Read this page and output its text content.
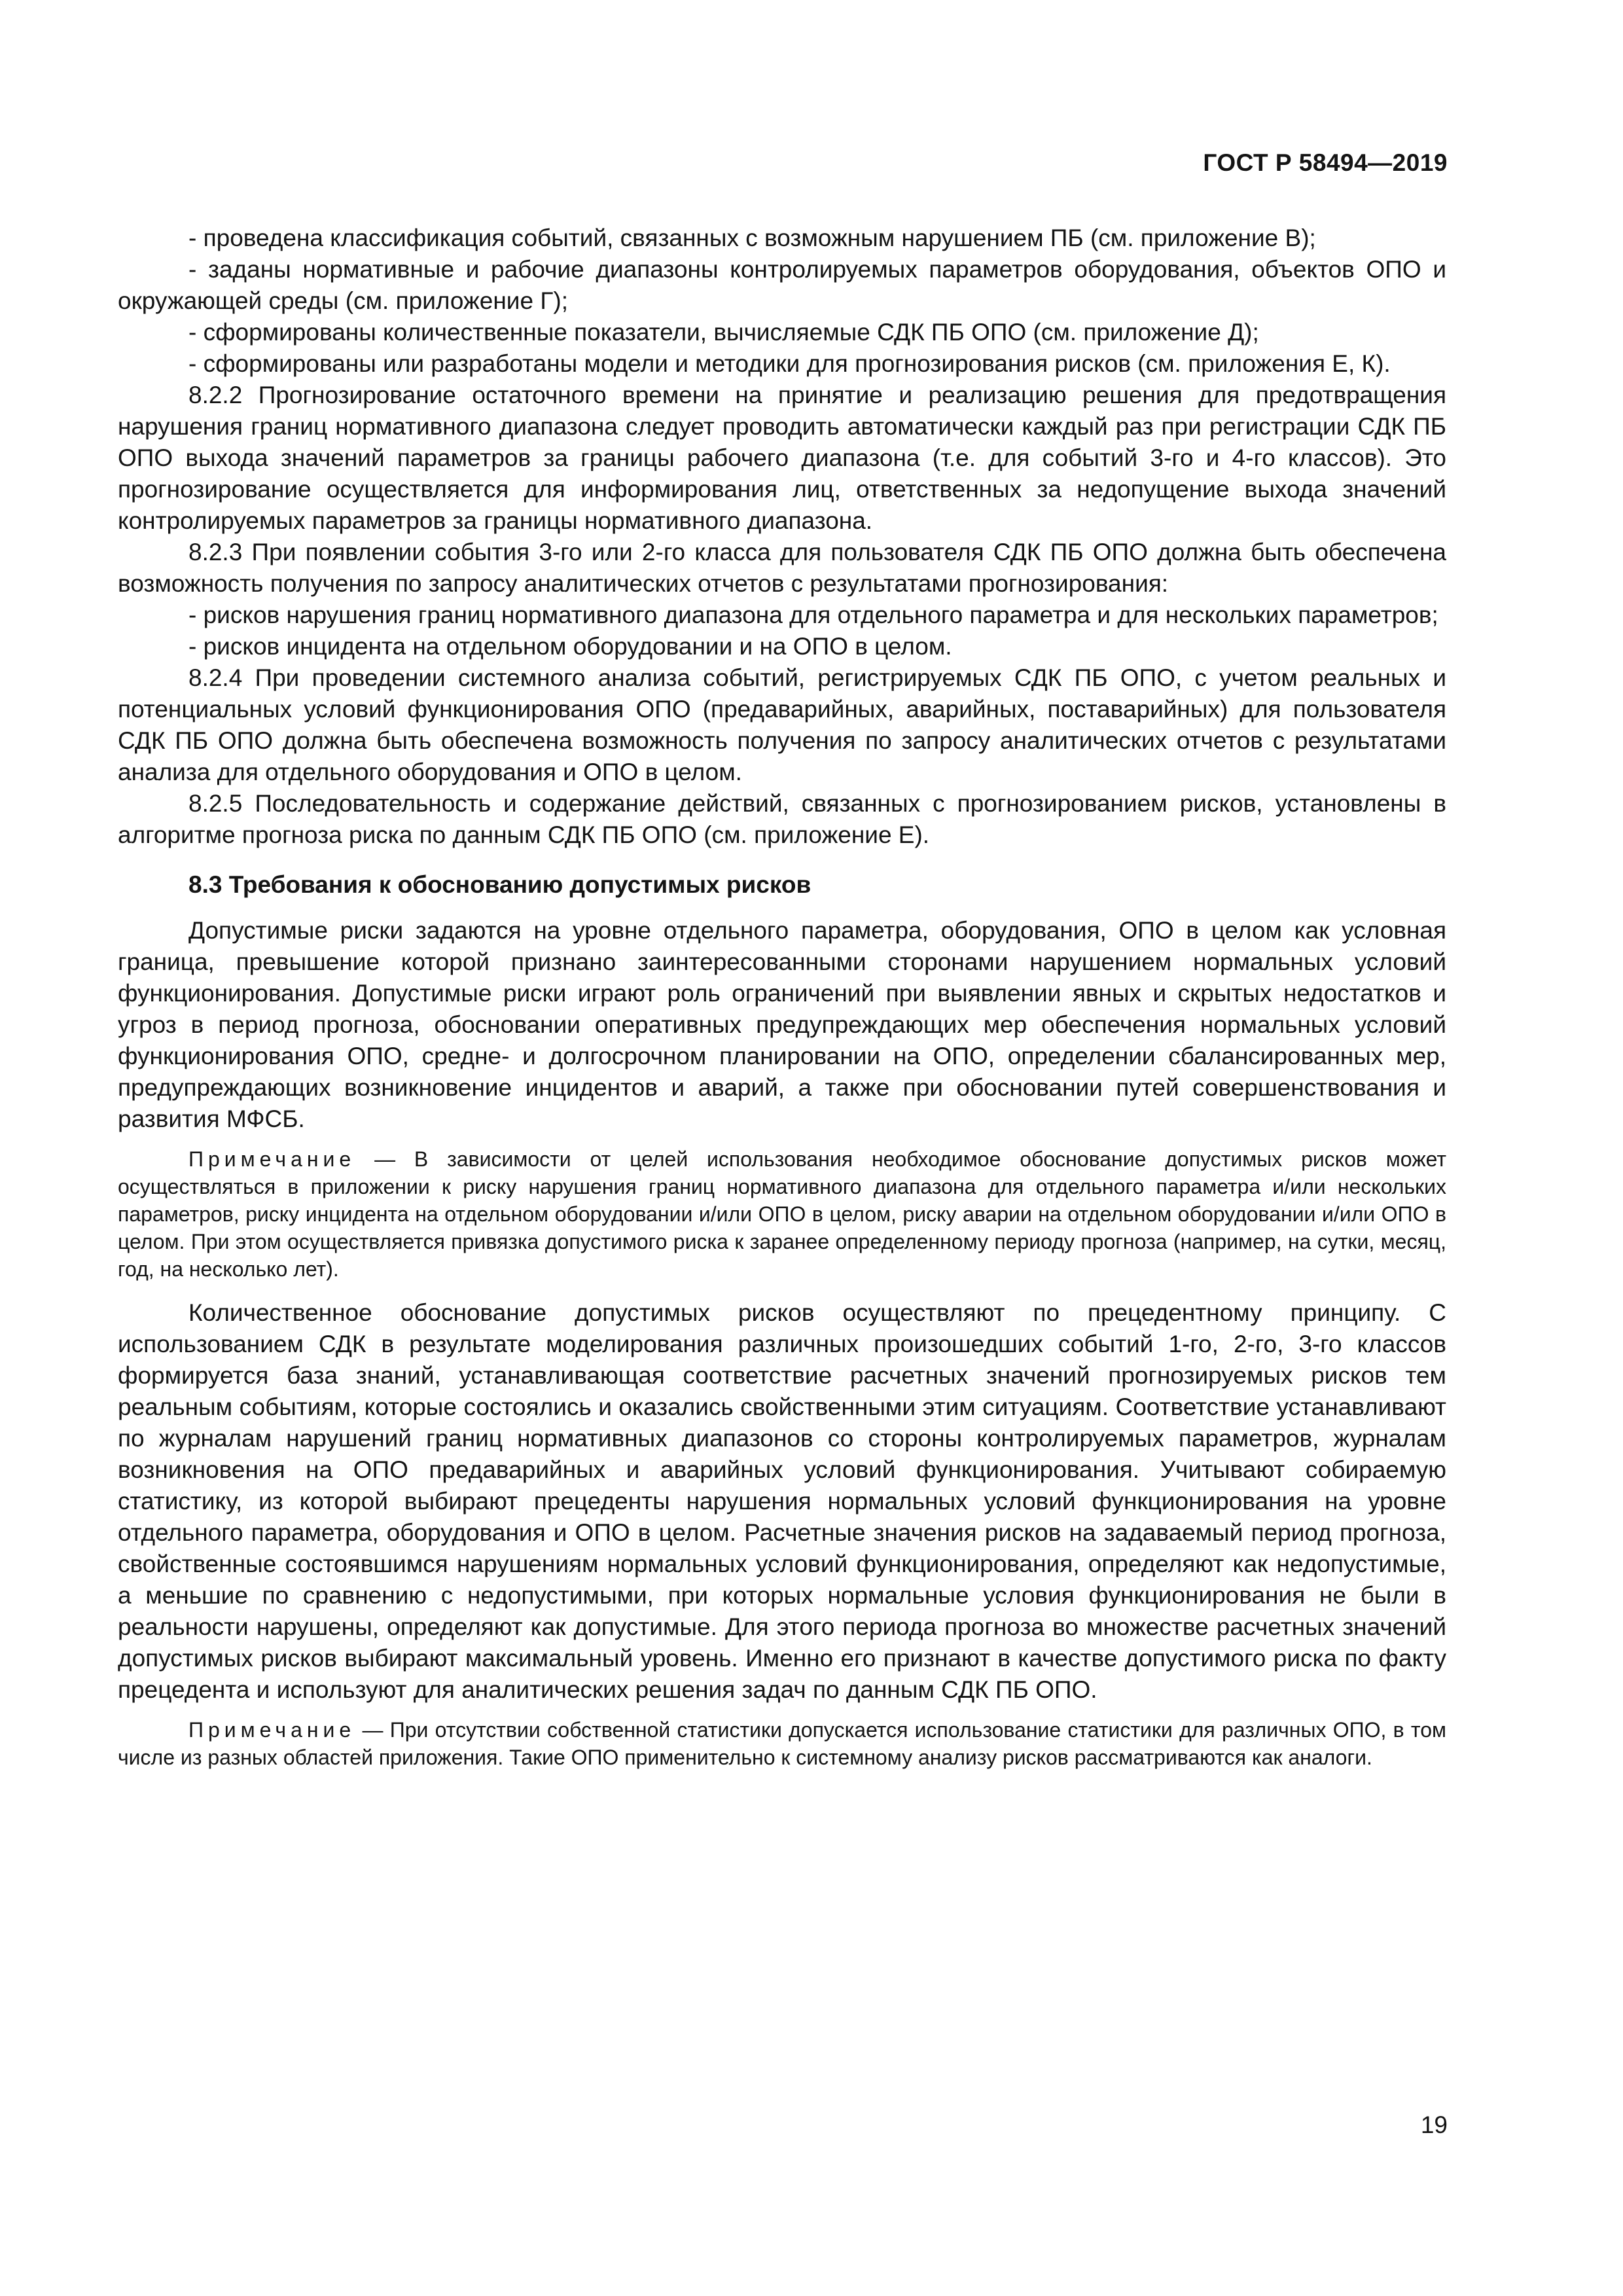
ГОСТ Р 58494—2019

- проведена классификация событий, связанных с возможным нарушением ПБ (см. приложение В);

- заданы нормативные и рабочие диапазоны контролируемых параметров оборудования, объектов ОПО и окружающей среды (см. приложение Г);

- сформированы количественные показатели, вычисляемые СДК ПБ ОПО (см. приложение Д);

- сформированы или разработаны модели и методики для прогнозирования рисков (см. приложения Е, К).

8.2.2 Прогнозирование остаточного времени на принятие и реализацию решения для предотвращения нарушения границ нормативного диапазона следует проводить автоматически каждый раз при регистрации СДК ПБ ОПО выхода значений параметров за границы рабочего диапазона (т.е. для событий 3-го и 4-го классов). Это прогнозирование осуществляется для информирования лиц, ответственных за недопущение выхода значений контролируемых параметров за границы нормативного диапазона.

8.2.3 При появлении события 3-го или 2-го класса для пользователя СДК ПБ ОПО должна быть обеспечена возможность получения по запросу аналитических отчетов с результатами прогнозирования:

- рисков нарушения границ нормативного диапазона для отдельного параметра и для нескольких параметров;

- рисков инцидента на отдельном оборудовании и на ОПО в целом.

8.2.4 При проведении системного анализа событий, регистрируемых СДК ПБ ОПО, с учетом реальных и потенциальных условий функционирования ОПО (предаварийных, аварийных, поставарийных) для пользователя СДК ПБ ОПО должна быть обеспечена возможность получения по запросу аналитических отчетов с результатами анализа для отдельного оборудования и ОПО в целом.

8.2.5 Последовательность и содержание действий, связанных с прогнозированием рисков, установлены в алгоритме прогноза риска по данным СДК ПБ ОПО (см. приложение Е).

8.3 Требования к обоснованию допустимых рисков

Допустимые риски задаются на уровне отдельного параметра, оборудования, ОПО в целом как условная граница, превышение которой признано заинтересованными сторонами нарушением нормальных условий функционирования. Допустимые риски играют роль ограничений при выявлении явных и скрытых недостатков и угроз в период прогноза, обосновании оперативных предупреждающих мер обеспечения нормальных условий функционирования ОПО, средне- и долгосрочном планировании на ОПО, определении сбалансированных мер, предупреждающих возникновение инцидентов и аварий, а также при обосновании путей совершенствования и развития МФСБ.

Примечание — В зависимости от целей использования необходимое обоснование допустимых рисков может осуществляться в приложении к риску нарушения границ нормативного диапазона для отдельного параметра и/или нескольких параметров, риску инцидента на отдельном оборудовании и/или ОПО в целом, риску аварии на отдельном оборудовании и/или ОПО в целом. При этом осуществляется привязка допустимого риска к заранее определенному периоду прогноза (например, на сутки, месяц, год, на несколько лет).

Количественное обоснование допустимых рисков осуществляют по прецедентному принципу. С использованием СДК в результате моделирования различных произошедших событий 1-го, 2-го, 3-го классов формируется база знаний, устанавливающая соответствие расчетных значений прогнозируемых рисков тем реальным событиям, которые состоялись и оказались свойственными этим ситуациям. Соответствие устанавливают по журналам нарушений границ нормативных диапазонов со стороны контролируемых параметров, журналам возникновения на ОПО предаварийных и аварийных условий функционирования. Учитывают собираемую статистику, из которой выбирают прецеденты нарушения нормальных условий функционирования на уровне отдельного параметра, оборудования и ОПО в целом. Расчетные значения рисков на задаваемый период прогноза, свойственные состоявшимся нарушениям нормальных условий функционирования, определяют как недопустимые, а меньшие по сравнению с недопустимыми, при которых нормальные условия функционирования не были в реальности нарушены, определяют как допустимые. Для этого периода прогноза во множестве расчетных значений допустимых рисков выбирают максимальный уровень. Именно его признают в качестве допустимого риска по факту прецедента и используют для аналитических решения задач по данным СДК ПБ ОПО.

Примечание — При отсутствии собственной статистики допускается использование статистики для различных ОПО, в том числе из разных областей приложения. Такие ОПО применительно к системному анализу рисков рассматриваются как аналоги.
19
